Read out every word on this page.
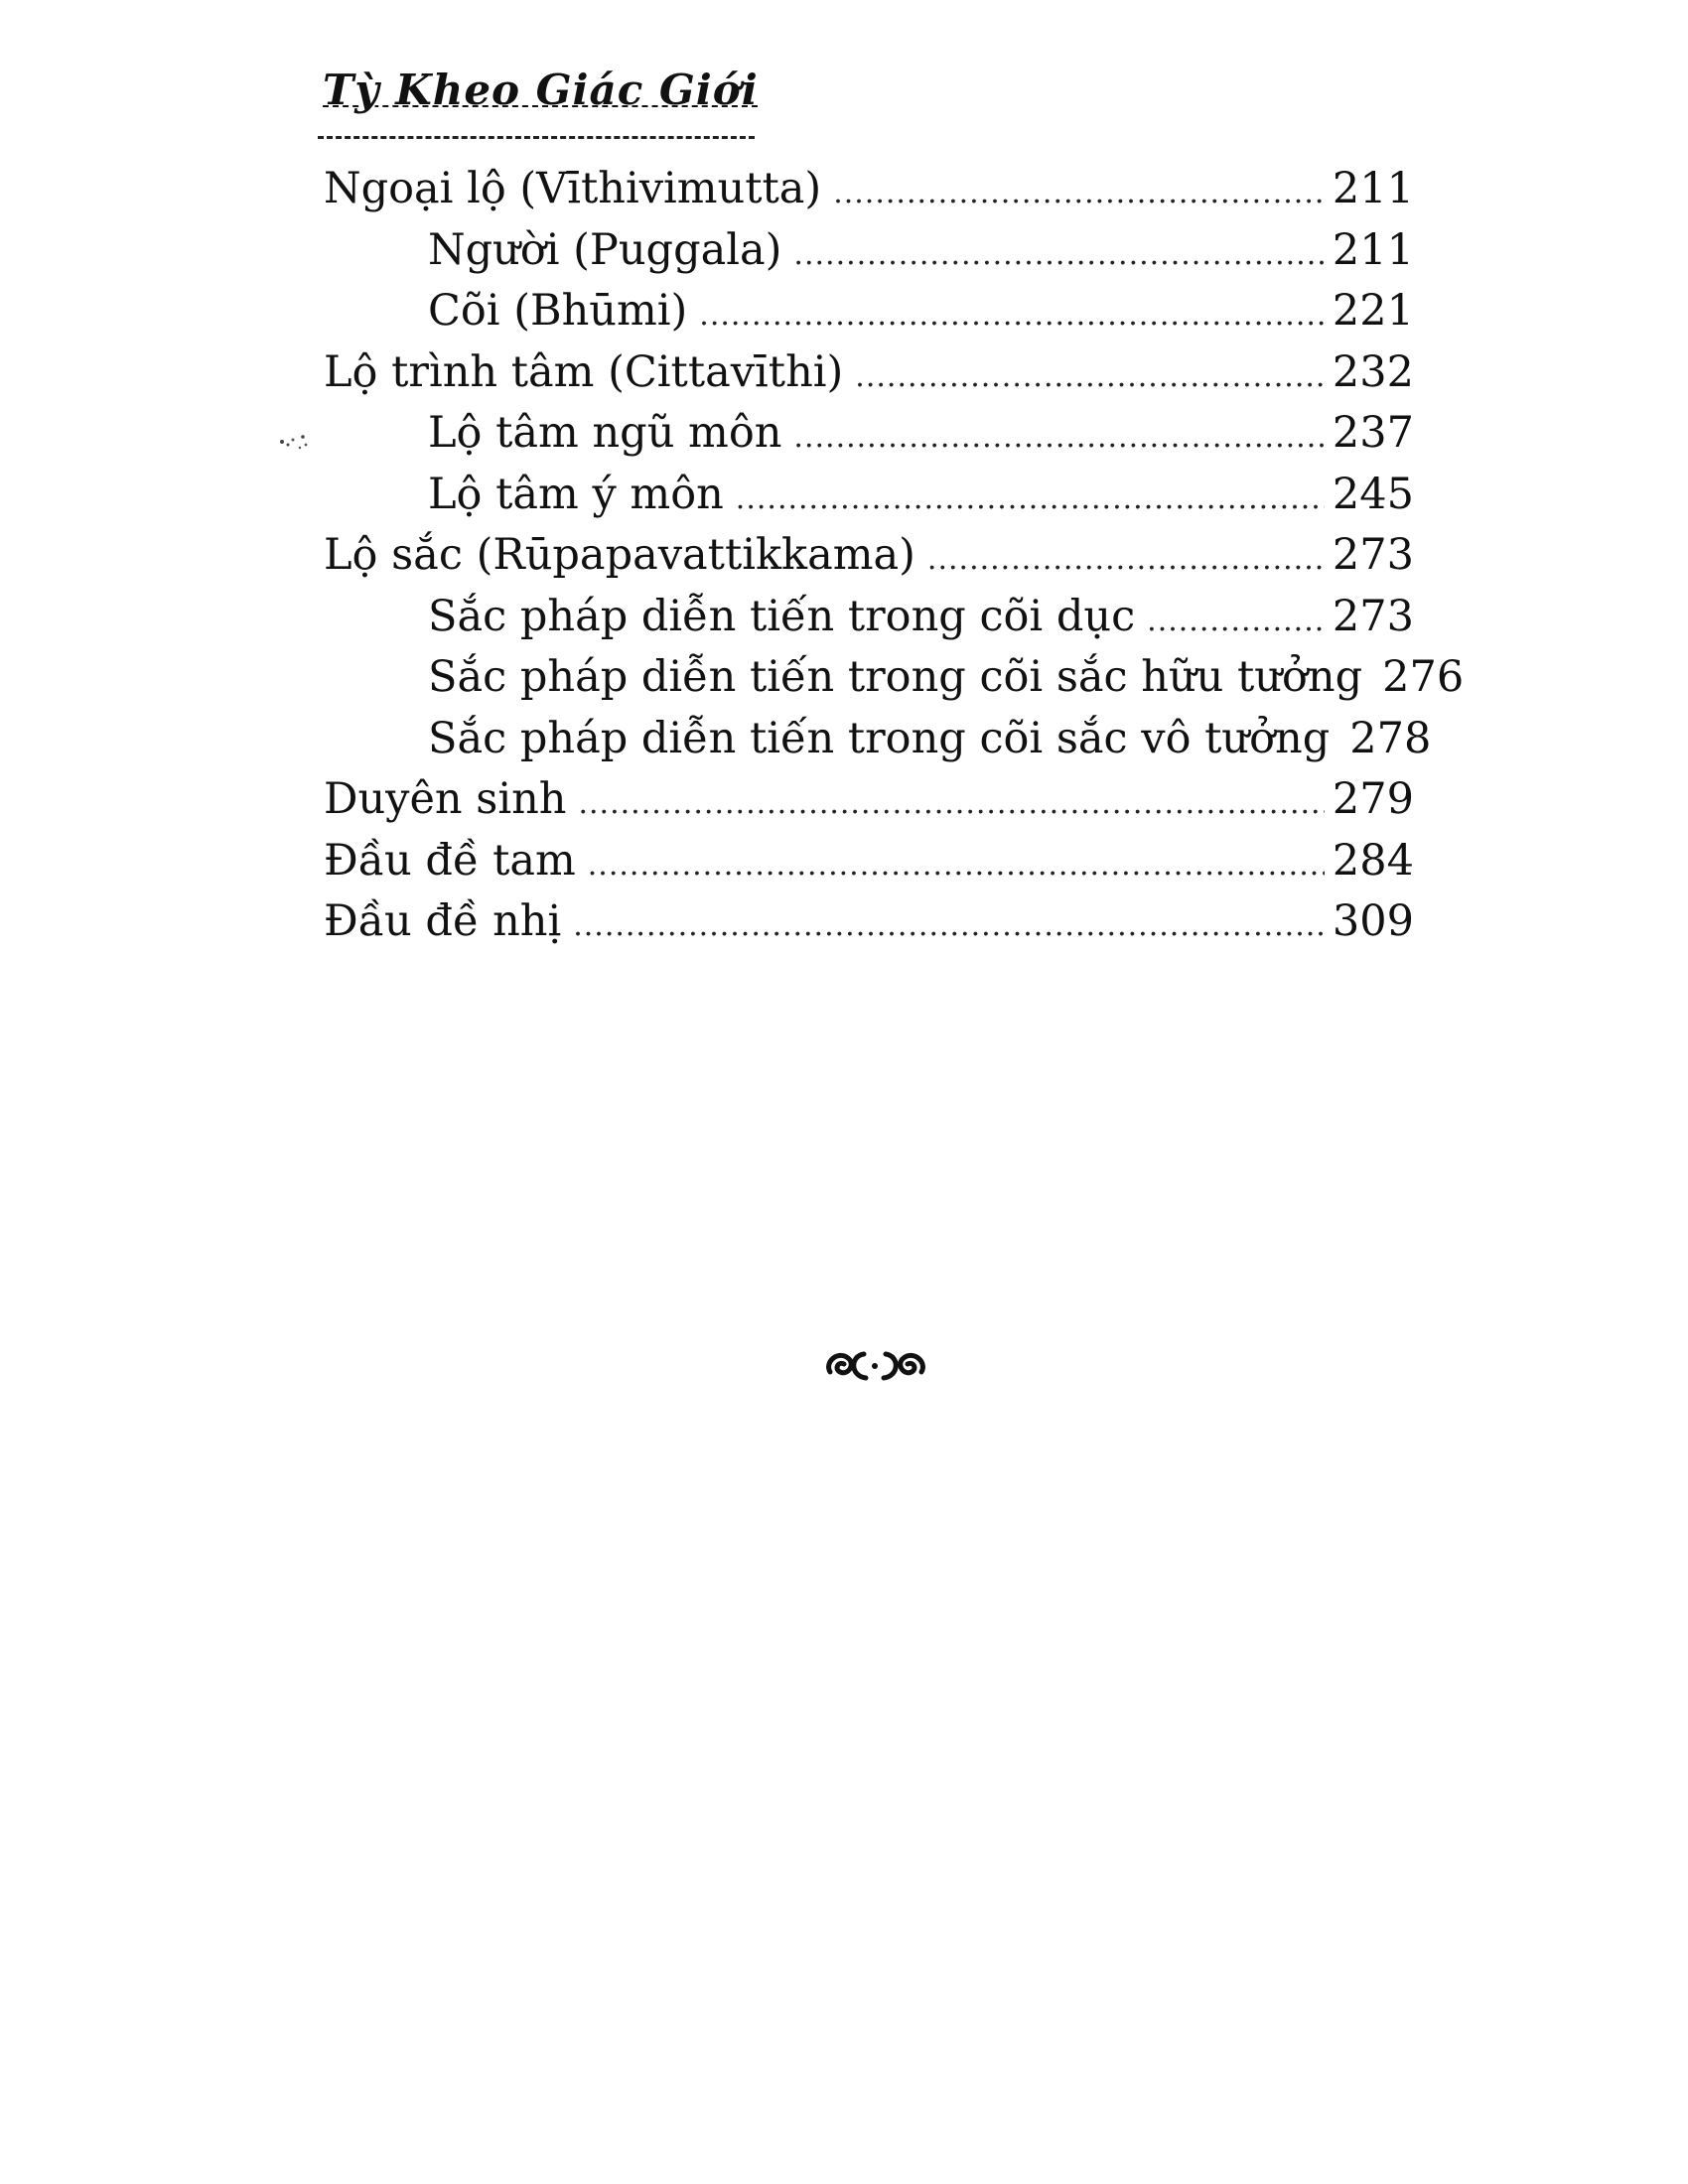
Tỳ Kheo Giác Giới
Ngoại lộ (Vīthivimutta) .....	211
Người (Puggala) .....	211
Cõi (Bhūmi) .....	221
Lộ trình tâm (Cittavīthi) .....	232
Lộ tâm ngũ môn .....	237
Lộ tâm ý môn .....	245
Lộ sắc (Rūpapavattikkama) .....	273
Sắc pháp diễn tiến trong cõi dục .....	273
Sắc pháp diễn tiến trong cõi sắc hữu tưởng 276
Sắc pháp diễn tiến trong cõi sắc vô tưởng 278
Duyên sinh .....	279
Đầu đề tam .....	284
Đầu đề nhị .....	309
